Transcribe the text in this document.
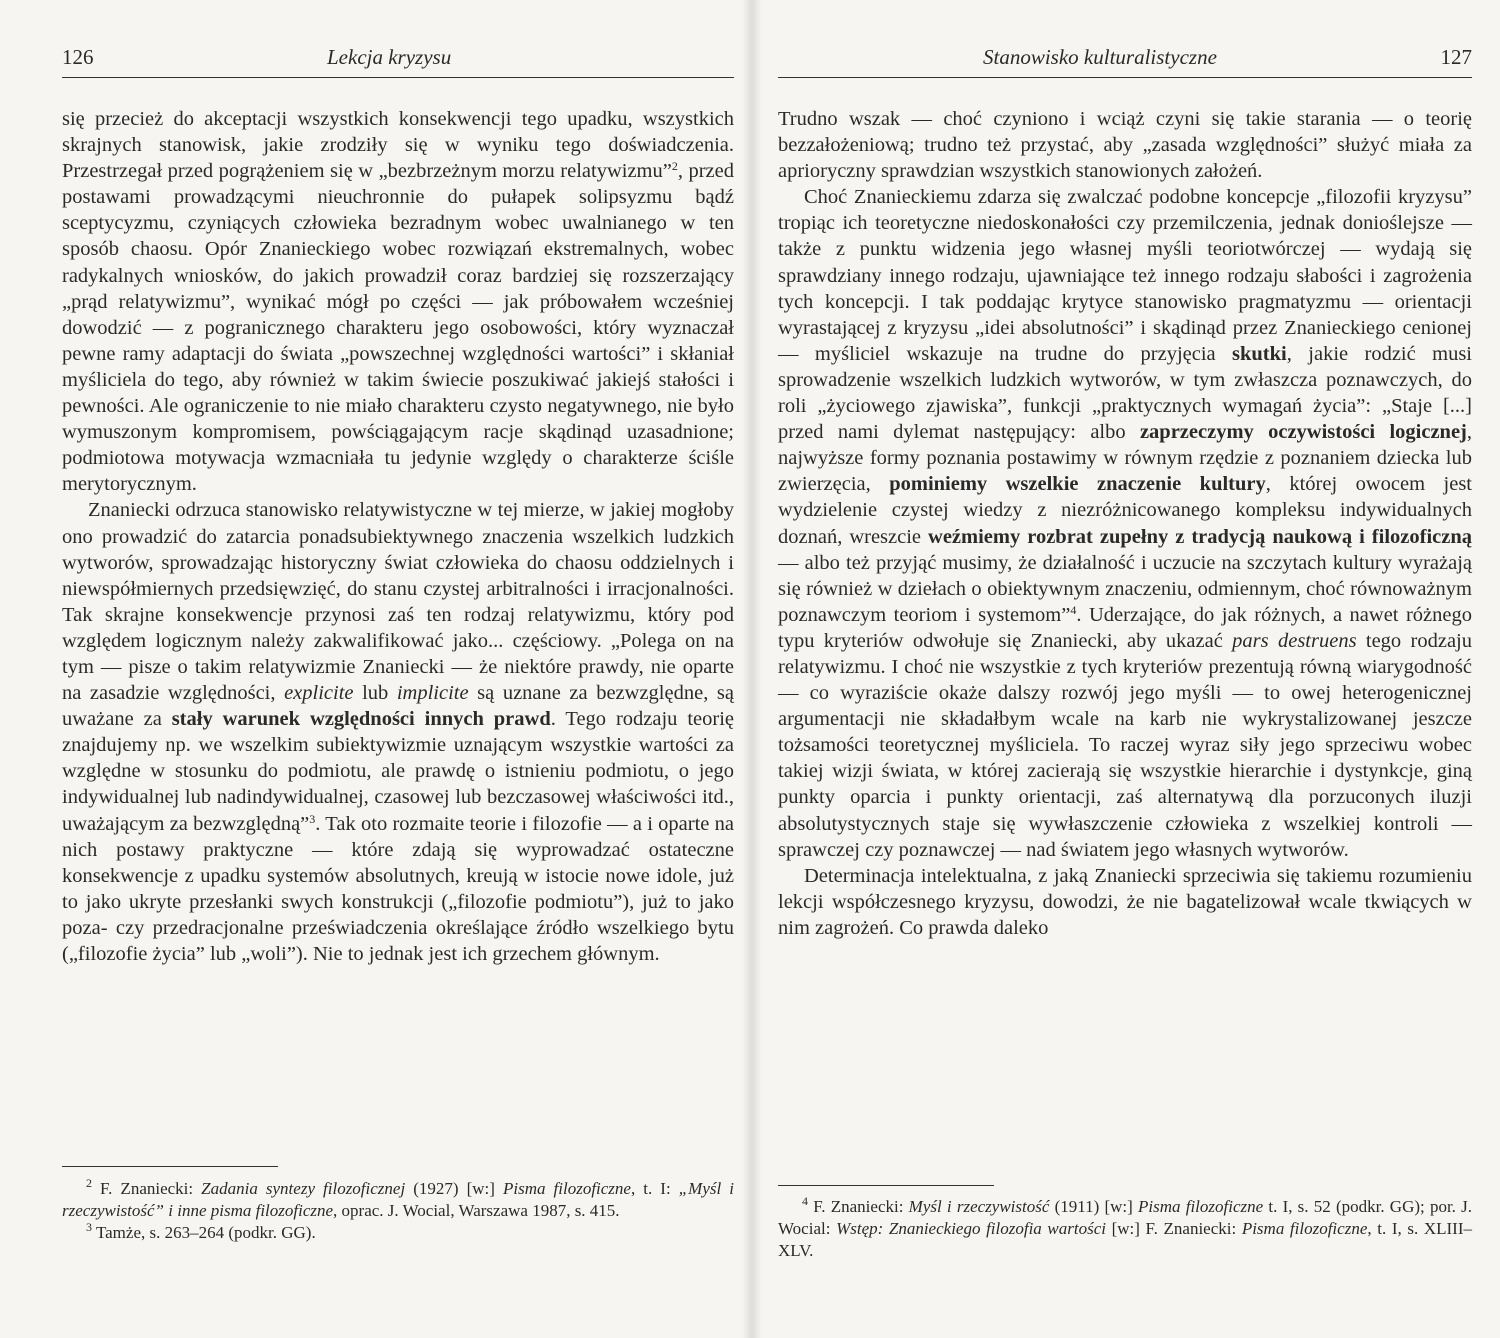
126	Lekcja kryzysu

się przecież do akceptacji wszystkich konsekwencji tego upadku, wszystkich skrajnych stanowisk, jakie zrodziły się w wyniku tego doświadczenia. Przestrzegał przed pogrążeniem się w „bezbrzeżnym morzu relatywizmu”$^2$, przed postawami prowadzącymi nieuchronnie do pułapek solipsyzmu bądź sceptycyzmu, czyniących człowieka bezradnym wobec uwalnianego w ten sposób chaosu. Opór Znanieckiego wobec rozwiązań ekstremalnych, wobec radykalnych wniosków, do jakich prowadził coraz bardziej się rozszerzający „prąd relatywizmu”, wynikać mógł po części — jak próbowałem wcześniej dowodzić — z pogranicznego charakteru jego osobowości, który wyznaczał pewne ramy adaptacji do świata „powszechnej względności wartości” i skłaniał myśliciela do tego, aby również w takim świecie poszukiwać jakiejś stałości i pewności. Ale ograniczenie to nie miało charakteru czysto negatywnego, nie było wymuszonym kompromisem, powściągającym racje skądinąd uzasadnione; podmiotowa motywacja wzmacniała tu jedynie względy o charakterze ściśle merytorycznym.

Znaniecki odrzuca stanowisko relatywistyczne w tej mierze, w jakiej mogłoby ono prowadzić do zatarcia ponadsubiektywnego znaczenia wszelkich ludzkich wytworów, sprowadzając historyczny świat człowieka do chaosu oddzielnych i niewspółmiernych przedsięwzięć, do stanu czystej arbitralności i irracjonalności. Tak skrajne konsekwencje przynosi zaś ten rodzaj relatywizmu, który pod względem logicznym należy zakwalifikować jako... częściowy. „Polega on na tym — pisze o takim relatywizmie Znaniecki — że niektóre prawdy, nie oparte na zasadzie względności, explicite lub implicite są uznane za bezwzględne, są uważane za stały warunek względności innych prawd. Tego rodzaju teorię znajdujemy np. we wszelkim subiektywizmie uznającym wszystkie wartości za względne w stosunku do podmiotu, ale prawdę o istnieniu podmiotu, o jego indywidualnej lub nadindywidualnej, czasowej lub bezczasowej właściwości itd., uważającym za bezwzględną”$^3$. Tak oto rozmaite teorie i filozofie — a i oparte na nich postawy praktyczne — które zdają się wyprowadzać ostateczne konsekwencje z upadku systemów absolutnych, kreują w istocie nowe idole, już to jako ukryte przesłanki swych konstrukcji („filozofie podmiotu”), już to jako poza- czy przedracjonalne przeświadczenia określające źródło wszelkiego bytu („filozofie życia” lub „woli”). Nie to jednak jest ich grzechem głównym.

$^2$ F. Znaniecki: Zadania syntezy filozoficznej (1927) [w:] Pisma filozoficzne, t. I: „Myśl i rzeczywistość” i inne pisma filozoficzne, oprac. J. Wocial, Warszawa 1987, s. 415.

$^3$ Tamże, s. 263–264 (podkr. GG).

Stanowisko kulturalistyczne	127

Trudno wszak — choć czyniono i wciąż czyni się takie starania — o teorię bezzałożeniową; trudno też przystać, aby „zasada względności” służyć miała za aprioryczny sprawdzian wszystkich stanowionych założeń.

Choć Znanieckiemu zdarza się zwalczać podobne koncepcje „filozofii kryzysu” tropiąc ich teoretyczne niedoskonałości czy przemilczenia, jednak donioślejsze — także z punktu widzenia jego własnej myśli teoriotwórczej — wydają się sprawdziany innego rodzaju, ujawniające też innego rodzaju słabości i zagrożenia tych koncepcji. I tak poddając krytyce stanowisko pragmatyzmu — orientacji wyrastającej z kryzysu „idei absolutności” i skądinąd przez Znanieckiego cenionej — myśliciel wskazuje na trudne do przyjęcia skutki, jakie rodzić musi sprowadzenie wszelkich ludzkich wytworów, w tym zwłaszcza poznawczych, do roli „życiowego zjawiska”, funkcji „praktycznych wymagań życia”: „Staje [...] przed nami dylemat następujący: albo zaprzeczymy oczywistości logicznej, najwyższe formy poznania postawimy w równym rzędzie z poznaniem dziecka lub zwierzęcia, pominiemy wszelkie znaczenie kultury, której owocem jest wydzielenie czystej wiedzy z niezróżnicowanego kompleksu indywidualnych doznań, wreszcie weźmiemy rozbrat zupełny z tradycją naukową i filozoficzną — albo też przyjąć musimy, że działalność i uczucie na szczytach kultury wyrażają się również w dziełach o obiektywnym znaczeniu, odmiennym, choć równoważnym poznawczym teoriom i systemom”$^4$. Uderzające, do jak różnych, a nawet różnego typu kryteriów odwołuje się Znaniecki, aby ukazać pars destruens tego rodzaju relatywizmu. I choć nie wszystkie z tych kryteriów prezentują równą wiarygodność — co wyraziście okaże dalszy rozwój jego myśli — to owej heterogenicznej argumentacji nie składałbym wcale na karb nie wykrystalizowanej jeszcze tożsamości teoretycznej myśliciela. To raczej wyraz siły jego sprzeciwu wobec takiej wizji świata, w której zacierają się wszystkie hierarchie i dystynkcje, giną punkty oparcia i punkty orientacji, zaś alternatywą dla porzuconych iluzji absolutystycznych staje się wywłaszczenie człowieka z wszelkiej kontroli — sprawczej czy poznawczej — nad światem jego własnych wytworów.

Determinacja intelektualna, z jaką Znaniecki sprzeciwia się takiemu rozumieniu lekcji współczesnego kryzysu, dowodzi, że nie bagatelizował wcale tkwiących w nim zagrożeń. Co prawda daleko

$^4$ F. Znaniecki: Myśl i rzeczywistość (1911) [w:] Pisma filozoficzne t. I, s. 52 (podkr. GG); por. J. Wocial: Wstęp: Znanieckiego filozofia wartości [w:] F. Znaniecki: Pisma filozoficzne, t. I, s. XLIII–XLV.
